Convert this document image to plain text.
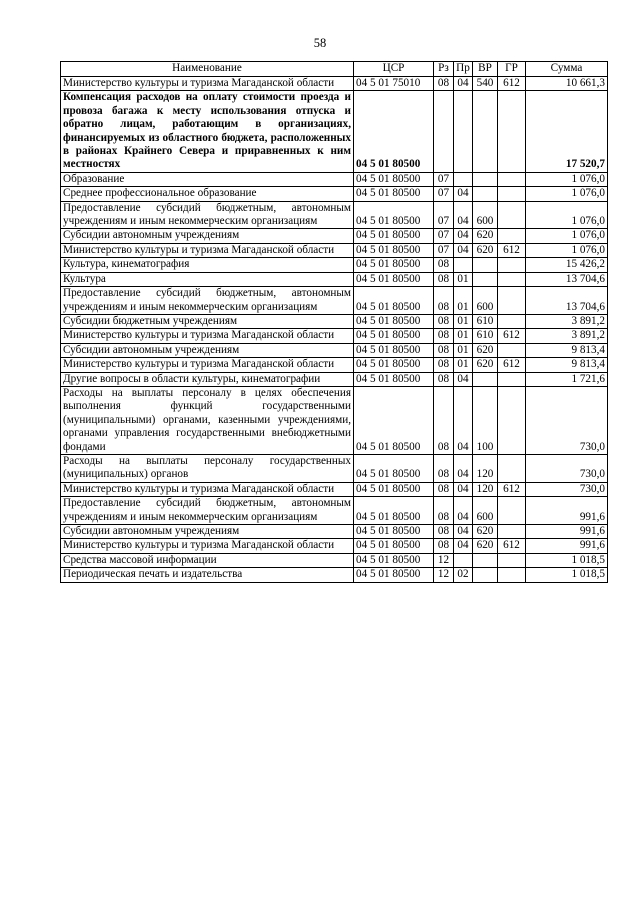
58
Наименование	ЦСР	Рз	Пр	ВР	ГР	Сумма
Министерство культуры и туризма Магаданской области	04 5 01 75010	08	04	540	612	10 661,3
Компенсация расходов на оплату стоимости проезда и провоза багажа к месту использования отпуска и обратно лицам, работающим в организациях, финансируемых из областного бюджета, расположенных в районах Крайнего Севера и приравненных к ним местностях	04 5 01 80500					17 520,7
Образование	04 5 01 80500	07				1 076,0
Среднее профессиональное образование	04 5 01 80500	07	04			1 076,0
Предоставление субсидий бюджетным, автономным учреждениям и иным некоммерческим организациям	04 5 01 80500	07	04	600		1 076,0
Субсидии автономным учреждениям	04 5 01 80500	07	04	620		1 076,0
Министерство культуры и туризма Магаданской области	04 5 01 80500	07	04	620	612	1 076,0
Культура, кинематография	04 5 01 80500	08				15 426,2
Культура	04 5 01 80500	08	01			13 704,6
Предоставление субсидий бюджетным, автономным учреждениям и иным некоммерческим организациям	04 5 01 80500	08	01	600		13 704,6
Субсидии бюджетным учреждениям	04 5 01 80500	08	01	610		3 891,2
Министерство культуры и туризма Магаданской области	04 5 01 80500	08	01	610	612	3 891,2
Субсидии автономным учреждениям	04 5 01 80500	08	01	620		9 813,4
Министерство культуры и туризма Магаданской области	04 5 01 80500	08	01	620	612	9 813,4
Другие вопросы в области культуры, кинематографии	04 5 01 80500	08	04			1 721,6
Расходы на выплаты персоналу в целях обеспечения выполнения функций государственными (муниципальными) органами, казенными учреждениями, органами управления государственными внебюджетными фондами	04 5 01 80500	08	04	100		730,0
Расходы на выплаты персоналу государственных (муниципальных) органов	04 5 01 80500	08	04	120		730,0
Министерство культуры и туризма Магаданской области	04 5 01 80500	08	04	120	612	730,0
Предоставление субсидий бюджетным, автономным учреждениям и иным некоммерческим организациям	04 5 01 80500	08	04	600		991,6
Субсидии автономным учреждениям	04 5 01 80500	08	04	620		991,6
Министерство культуры и туризма Магаданской области	04 5 01 80500	08	04	620	612	991,6
Средства массовой информации	04 5 01 80500	12				1 018,5
Периодическая печать и издательства	04 5 01 80500	12	02			1 018,5
